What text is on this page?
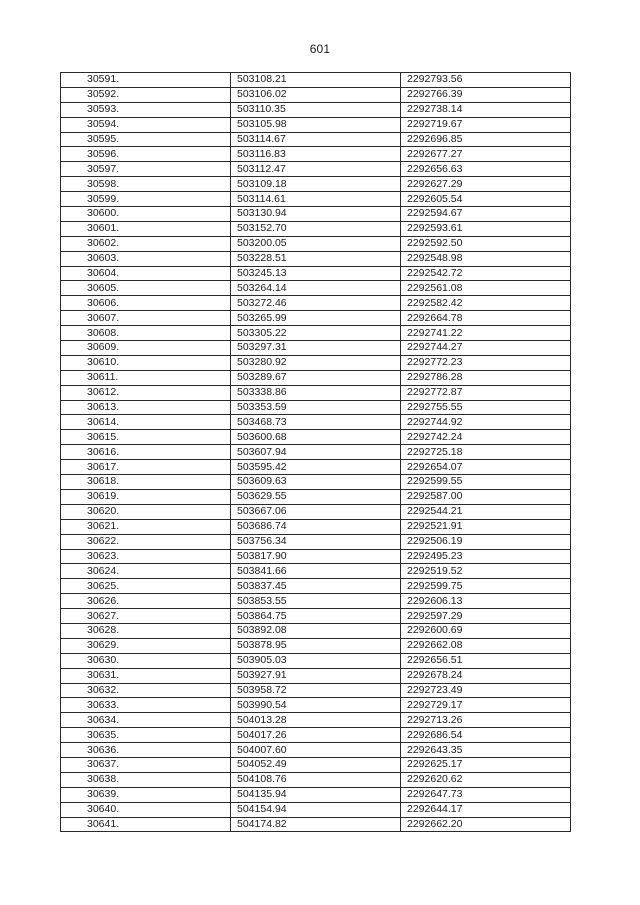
601
30591.	503108.21	2292793.56
30592.	503106.02	2292766.39
30593.	503110.35	2292738.14
30594.	503105.98	2292719.67
30595.	503114.67	2292696.85
30596.	503116.83	2292677.27
30597.	503112.47	2292656.63
30598.	503109.18	2292627.29
30599.	503114.61	2292605.54
30600.	503130.94	2292594.67
30601.	503152.70	2292593.61
30602.	503200.05	2292592.50
30603.	503228.51	2292548.98
30604.	503245.13	2292542.72
30605.	503264.14	2292561.08
30606.	503272.46	2292582.42
30607.	503265.99	2292664.78
30608.	503305.22	2292741.22
30609.	503297.31	2292744.27
30610.	503280.92	2292772.23
30611.	503289.67	2292786.28
30612.	503338.86	2292772.87
30613.	503353.59	2292755.55
30614.	503468.73	2292744.92
30615.	503600.68	2292742.24
30616.	503607.94	2292725.18
30617.	503595.42	2292654.07
30618.	503609.63	2292599.55
30619.	503629.55	2292587.00
30620.	503667.06	2292544.21
30621.	503686.74	2292521.91
30622.	503756.34	2292506.19
30623.	503817.90	2292495.23
30624.	503841.66	2292519.52
30625.	503837.45	2292599.75
30626.	503853.55	2292606.13
30627.	503864.75	2292597.29
30628.	503892.08	2292600.69
30629.	503878.95	2292662.08
30630.	503905.03	2292656.51
30631.	503927.91	2292678.24
30632.	503958.72	2292723.49
30633.	503990.54	2292729.17
30634.	504013.28	2292713.26
30635.	504017.26	2292686.54
30636.	504007.60	2292643.35
30637.	504052.49	2292625.17
30638.	504108.76	2292620.62
30639.	504135.94	2292647.73
30640.	504154.94	2292644.17
30641.	504174.82	2292662.20
